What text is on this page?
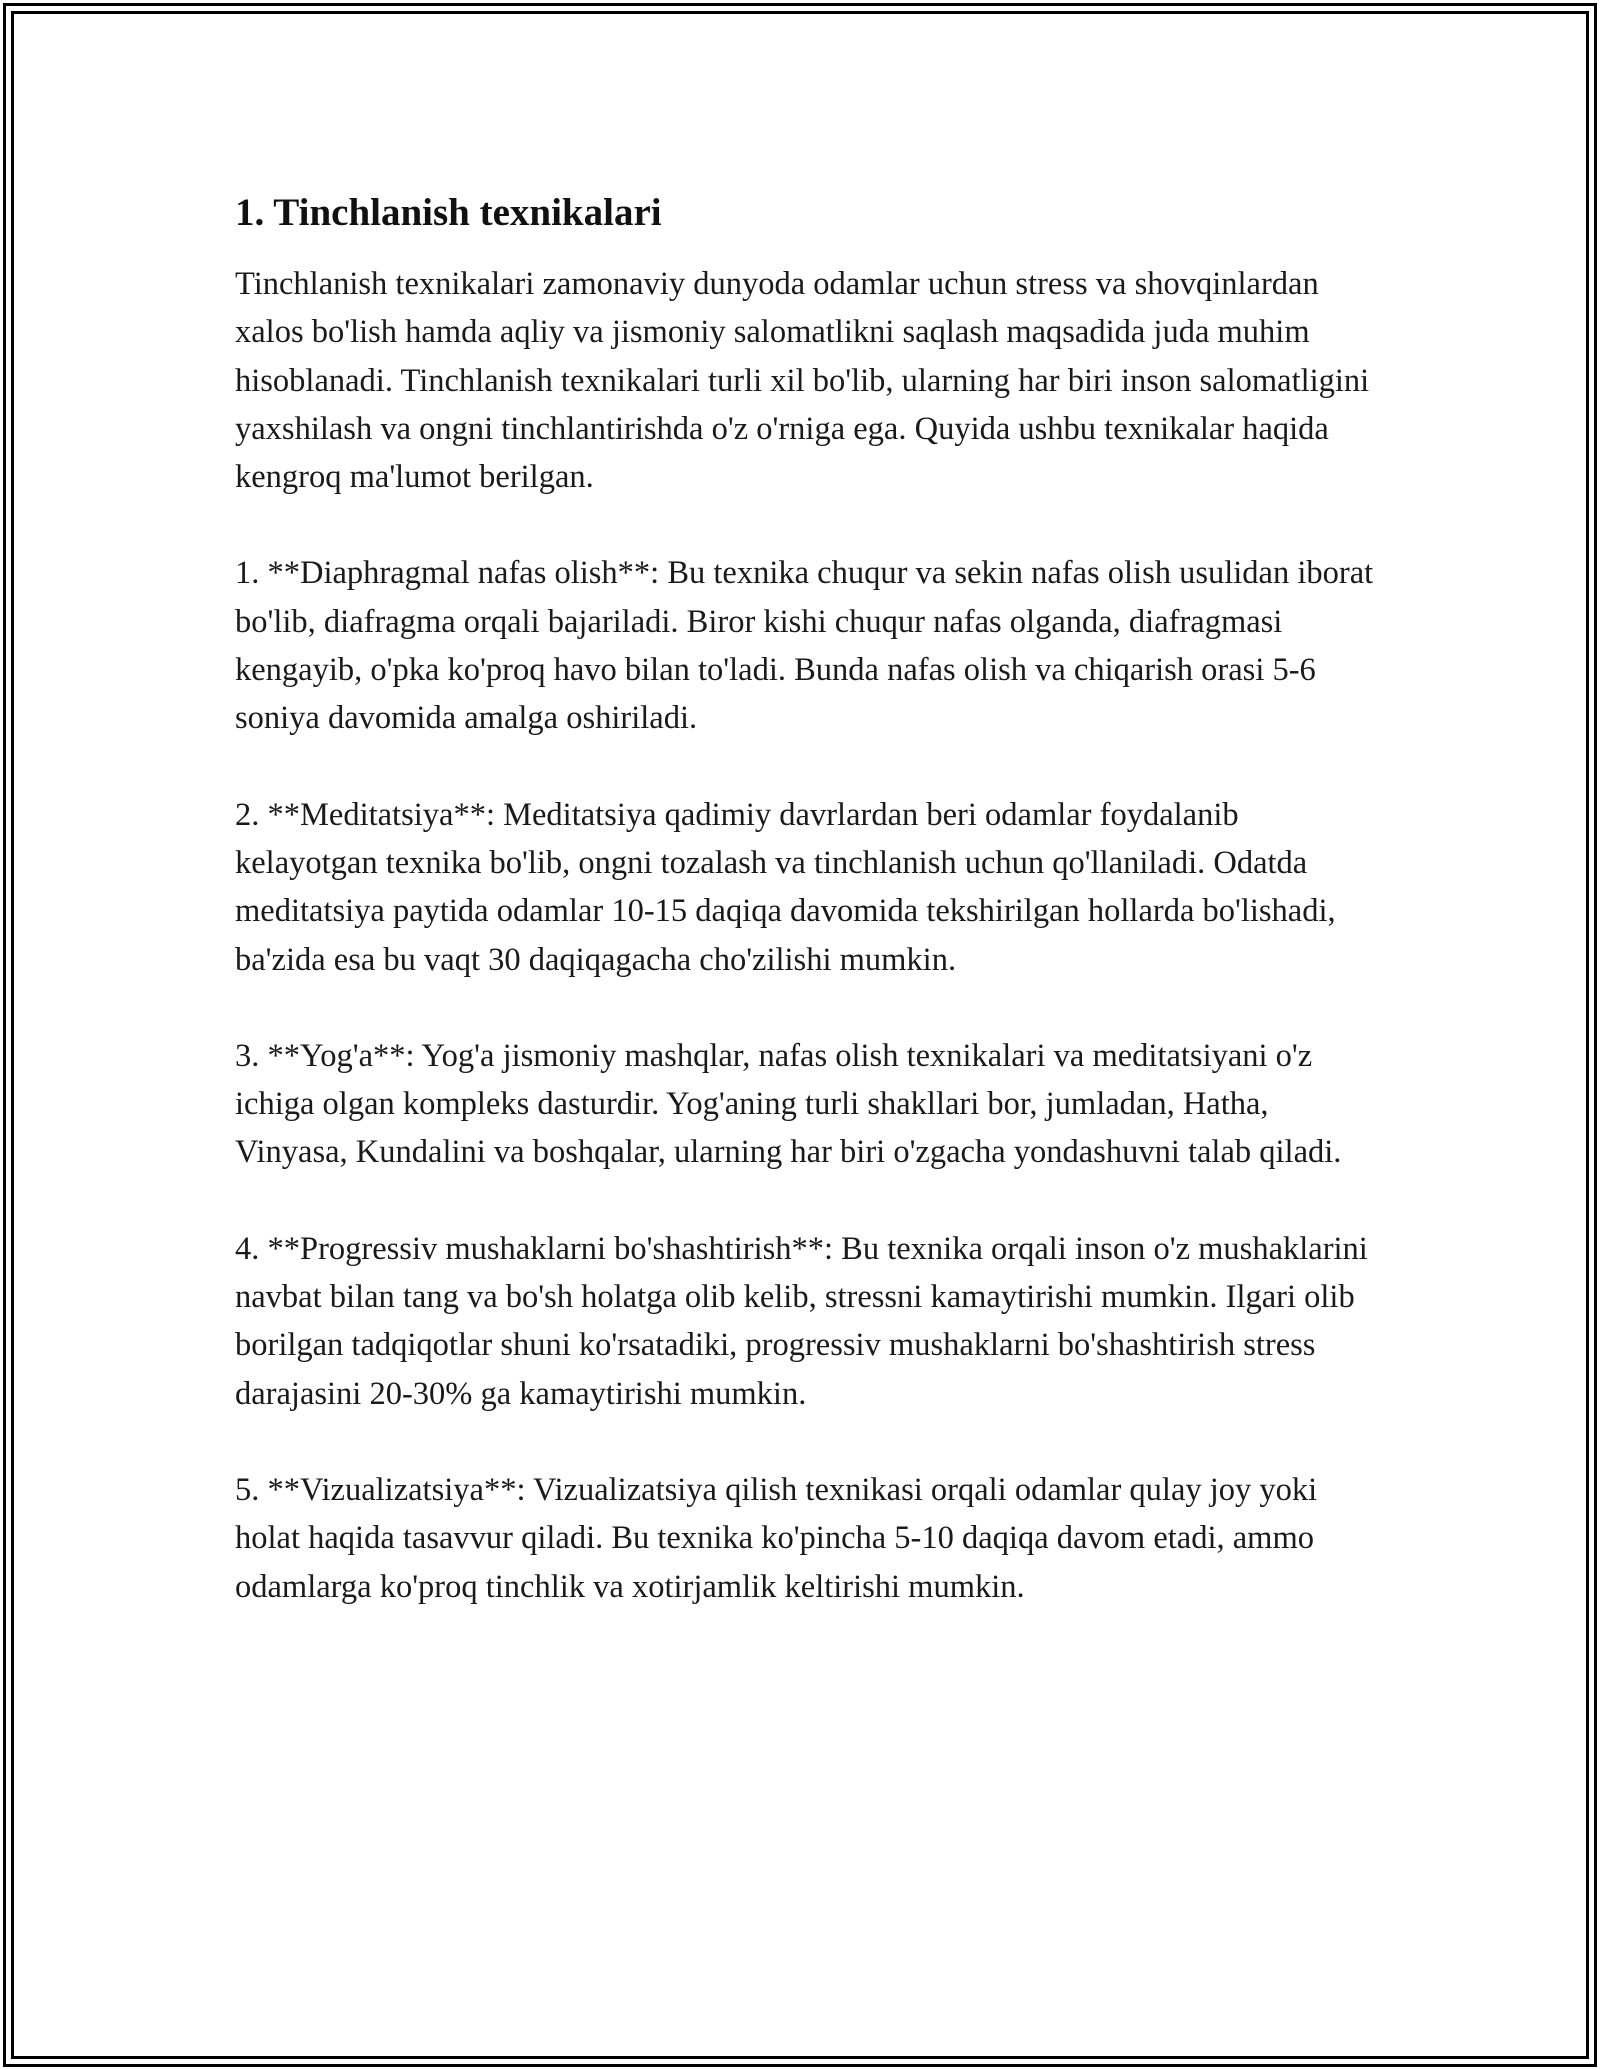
1. Tinchlanish texnikalari

Tinchlanish texnikalari zamonaviy dunyoda odamlar uchun stress va shovqinlardan xalos bo'lish hamda aqliy va jismoniy salomatlikni saqlash maqsadida juda muhim hisoblanadi. Tinchlanish texnikalari turli xil bo'lib, ularning har biri inson salomatligini yaxshilash va ongni tinchlantirishda o'z o'rniga ega. Quyida ushbu texnikalar haqida kengroq ma'lumot berilgan.

1. **Diaphragmal nafas olish**: Bu texnika chuqur va sekin nafas olish usulidan iborat bo'lib, diafragma orqali bajariladi. Biror kishi chuqur nafas olganda, diafragmasi kengayib, o'pka ko'proq havo bilan to'ladi. Bunda nafas olish va chiqarish orasi 5-6 soniya davomida amalga oshiriladi.

2. **Meditatsiya**: Meditatsiya qadimiy davrlardan beri odamlar foydalanib kelayotgan texnika bo'lib, ongni tozalash va tinchlanish uchun qo'llaniladi. Odatda meditatsiya paytida odamlar 10-15 daqiqa davomida tekshirilgan hollarda bo'lishadi, ba'zida esa bu vaqt 30 daqiqagacha cho'zilishi mumkin.

3. **Yog'a**: Yog'a jismoniy mashqlar, nafas olish texnikalari va meditatsiyani o'z ichiga olgan kompleks dasturdir. Yog'aning turli shakllari bor, jumladan, Hatha, Vinyasa, Kundalini va boshqalar, ularning har biri o'zgacha yondashuvni talab qiladi.

4. **Progressiv mushaklarni bo'shashtirish**: Bu texnika orqali inson o'z mushaklarini navbat bilan tang va bo'sh holatga olib kelib, stressni kamaytirishi mumkin. Ilgari olib borilgan tadqiqotlar shuni ko'rsatadiki, progressiv mushaklarni bo'shashtirish stress darajasini 20-30% ga kamaytirishi mumkin.

5. **Vizualizatsiya**: Vizualizatsiya qilish texnikasi orqali odamlar qulay joy yoki holat haqida tasavvur qiladi. Bu texnika ko'pincha 5-10 daqiqa davom etadi, ammo odamlarga ko'proq tinchlik va xotirjamlik keltirishi mumkin.
